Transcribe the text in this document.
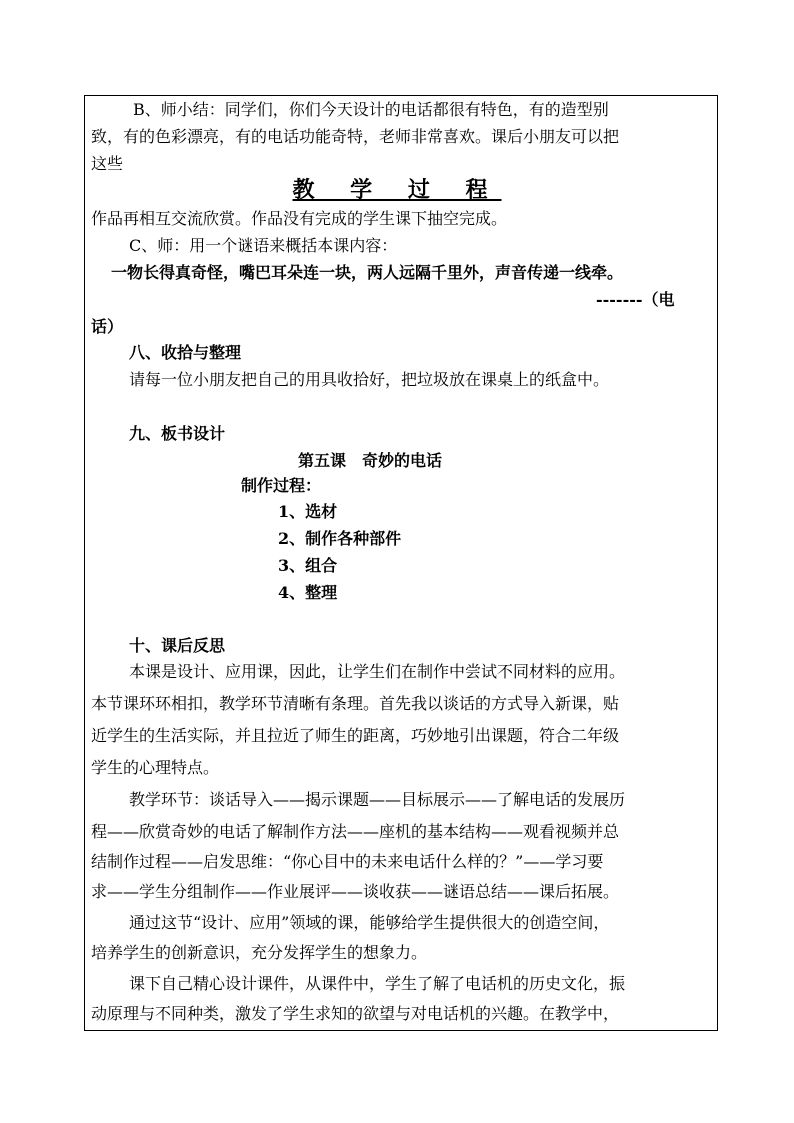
B、师小结：同学们，你们今天设计的电话都很有特色，有的造型别
致，有的色彩漂亮，有的电话功能奇特，老师非常喜欢。课后小朋友可以把
这些
教 学 过 程
作品再相互交流欣赏。作品没有完成的学生课下抽空完成。
C、师：用一个谜语来概括本课内容：
一物长得真奇怪，嘴巴耳朵连一块，两人远隔千里外，声音传递一线牵。
-------（电
话）
八、收拾与整理
请每一位小朋友把自己的用具收拾好，把垃圾放在课桌上的纸盒中。
九、板书设计
第五课　奇妙的电话
制作过程：
1、选材
2、制作各种部件
3、组合
4、整理
十、课后反思
本课是设计、应用课，因此，让学生们在制作中尝试不同材料的应用。
本节课环环相扣，教学环节清晰有条理。首先我以谈话的方式导入新课，贴
近学生的生活实际，并且拉近了师生的距离，巧妙地引出课题，符合二年级
学生的心理特点。
教学环节：谈话导入——揭示课题——目标展示——了解电话的发展历
程——欣赏奇妙的电话了解制作方法——座机的基本结构——观看视频并总
结制作过程——启发思维：“你心目中的未来电话什么样的？”——学习要
求——学生分组制作——作业展评——谈收获——谜语总结——课后拓展。
通过这节“设计、应用”领域的课，能够给学生提供很大的创造空间，
培养学生的创新意识，充分发挥学生的想象力。
课下自己精心设计课件，从课件中，学生了解了电话机的历史文化，振
动原理与不同种类，激发了学生求知的欲望与对电话机的兴趣。在教学中，
